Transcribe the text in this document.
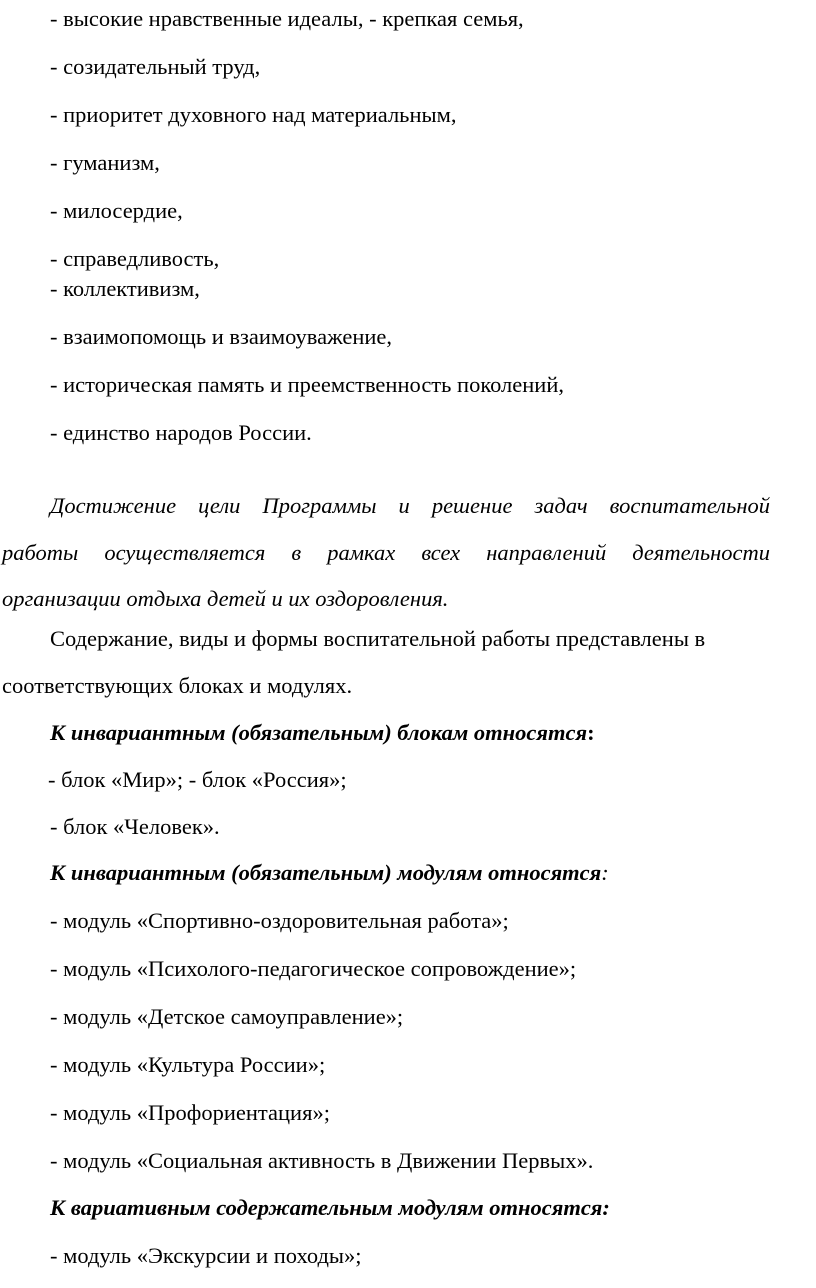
- высокие нравственные идеалы, - крепкая семья,
- созидательный труд,
- приоритет духовного над материальным,
- гуманизм,
- милосердие,
- справедливость,
- коллективизм,
- взаимопомощь и взаимоуважение,
- историческая память и преемственность поколений,
- единство народов России.
Достижение цели Программы и решение задач воспитательной
работы осуществляется в рамках всех направлений деятельности
организации отдыха детей и их оздоровления.
Содержание, виды и формы воспитательной работы представлены в
соответствующих блоках и модулях.
К инвариантным (обязательным) блокам относятся:
- блок «Мир»; - блок «Россия»;
- блок «Человек».
К инвариантным (обязательным) модулям относятся:
- модуль «Спортивно-оздоровительная работа»;
- модуль «Психолого-педагогическое сопровождение»;
- модуль «Детское самоуправление»;
- модуль «Культура России»;
- модуль «Профориентация»;
- модуль «Социальная активность в Движении Первых».
К вариативным содержательным модулям относятся:
- модуль «Экскурсии и походы»;
